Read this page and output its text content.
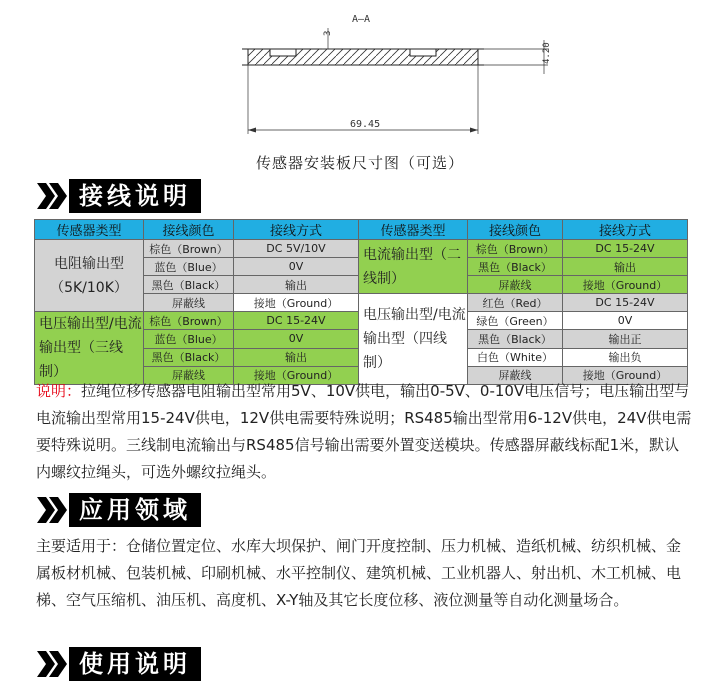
A—A
3
4.20
69.45
传感器安装板尺寸图（可选）
接线说明
传感器类型	接线颜色	接线方式	传感器类型	接线颜色	接线方式
电阻输出型（5K/10K）	棕色（Brown）	DC 5V/10V	电流输出型（二线制）	棕色（Brown）	DC 15-24V
	蓝色（Blue）	0V		黑色（Black）	输出
	黑色（Black）	输出		屏蔽线	接地（Ground）
	屏蔽线	接地（Ground）	电压输出型/电流输出型（四线制）	红色（Red）	DC 15-24V
电压输出型/电流输出型（三线制）	棕色（Brown）	DC 15-24V		绿色（Green）	0V
	蓝色（Blue）	0V		黑色（Black）	输出正
	黑色（Black）	输出		白色（White）	输出负
	屏蔽线	接地（Ground）		屏蔽线	接地（Ground）
说明：拉绳位移传感器电阻输出型常用5V、10V供电，输出0-5V、0-10V电压信号；电压输出型与电流输出型常用15-24V供电，12V供电需要特殊说明；RS485输出型常用6-12V供电，24V供电需要特殊说明。三线制电流输出与RS485信号输出需要外置变送模块。传感器屏蔽线标配1米，默认内螺纹拉绳头，可选外螺纹拉绳头。
应用领域
主要适用于：仓储位置定位、水库大坝保护、闸门开度控制、压力机械、造纸机械、纺织机械、金属板材机械、包装机械、印刷机械、水平控制仪、建筑机械、工业机器人、射出机、木工机械、电梯、空气压缩机、油压机、高度机、X-Y轴及其它长度位移、液位测量等自动化测量场合。
使用说明
